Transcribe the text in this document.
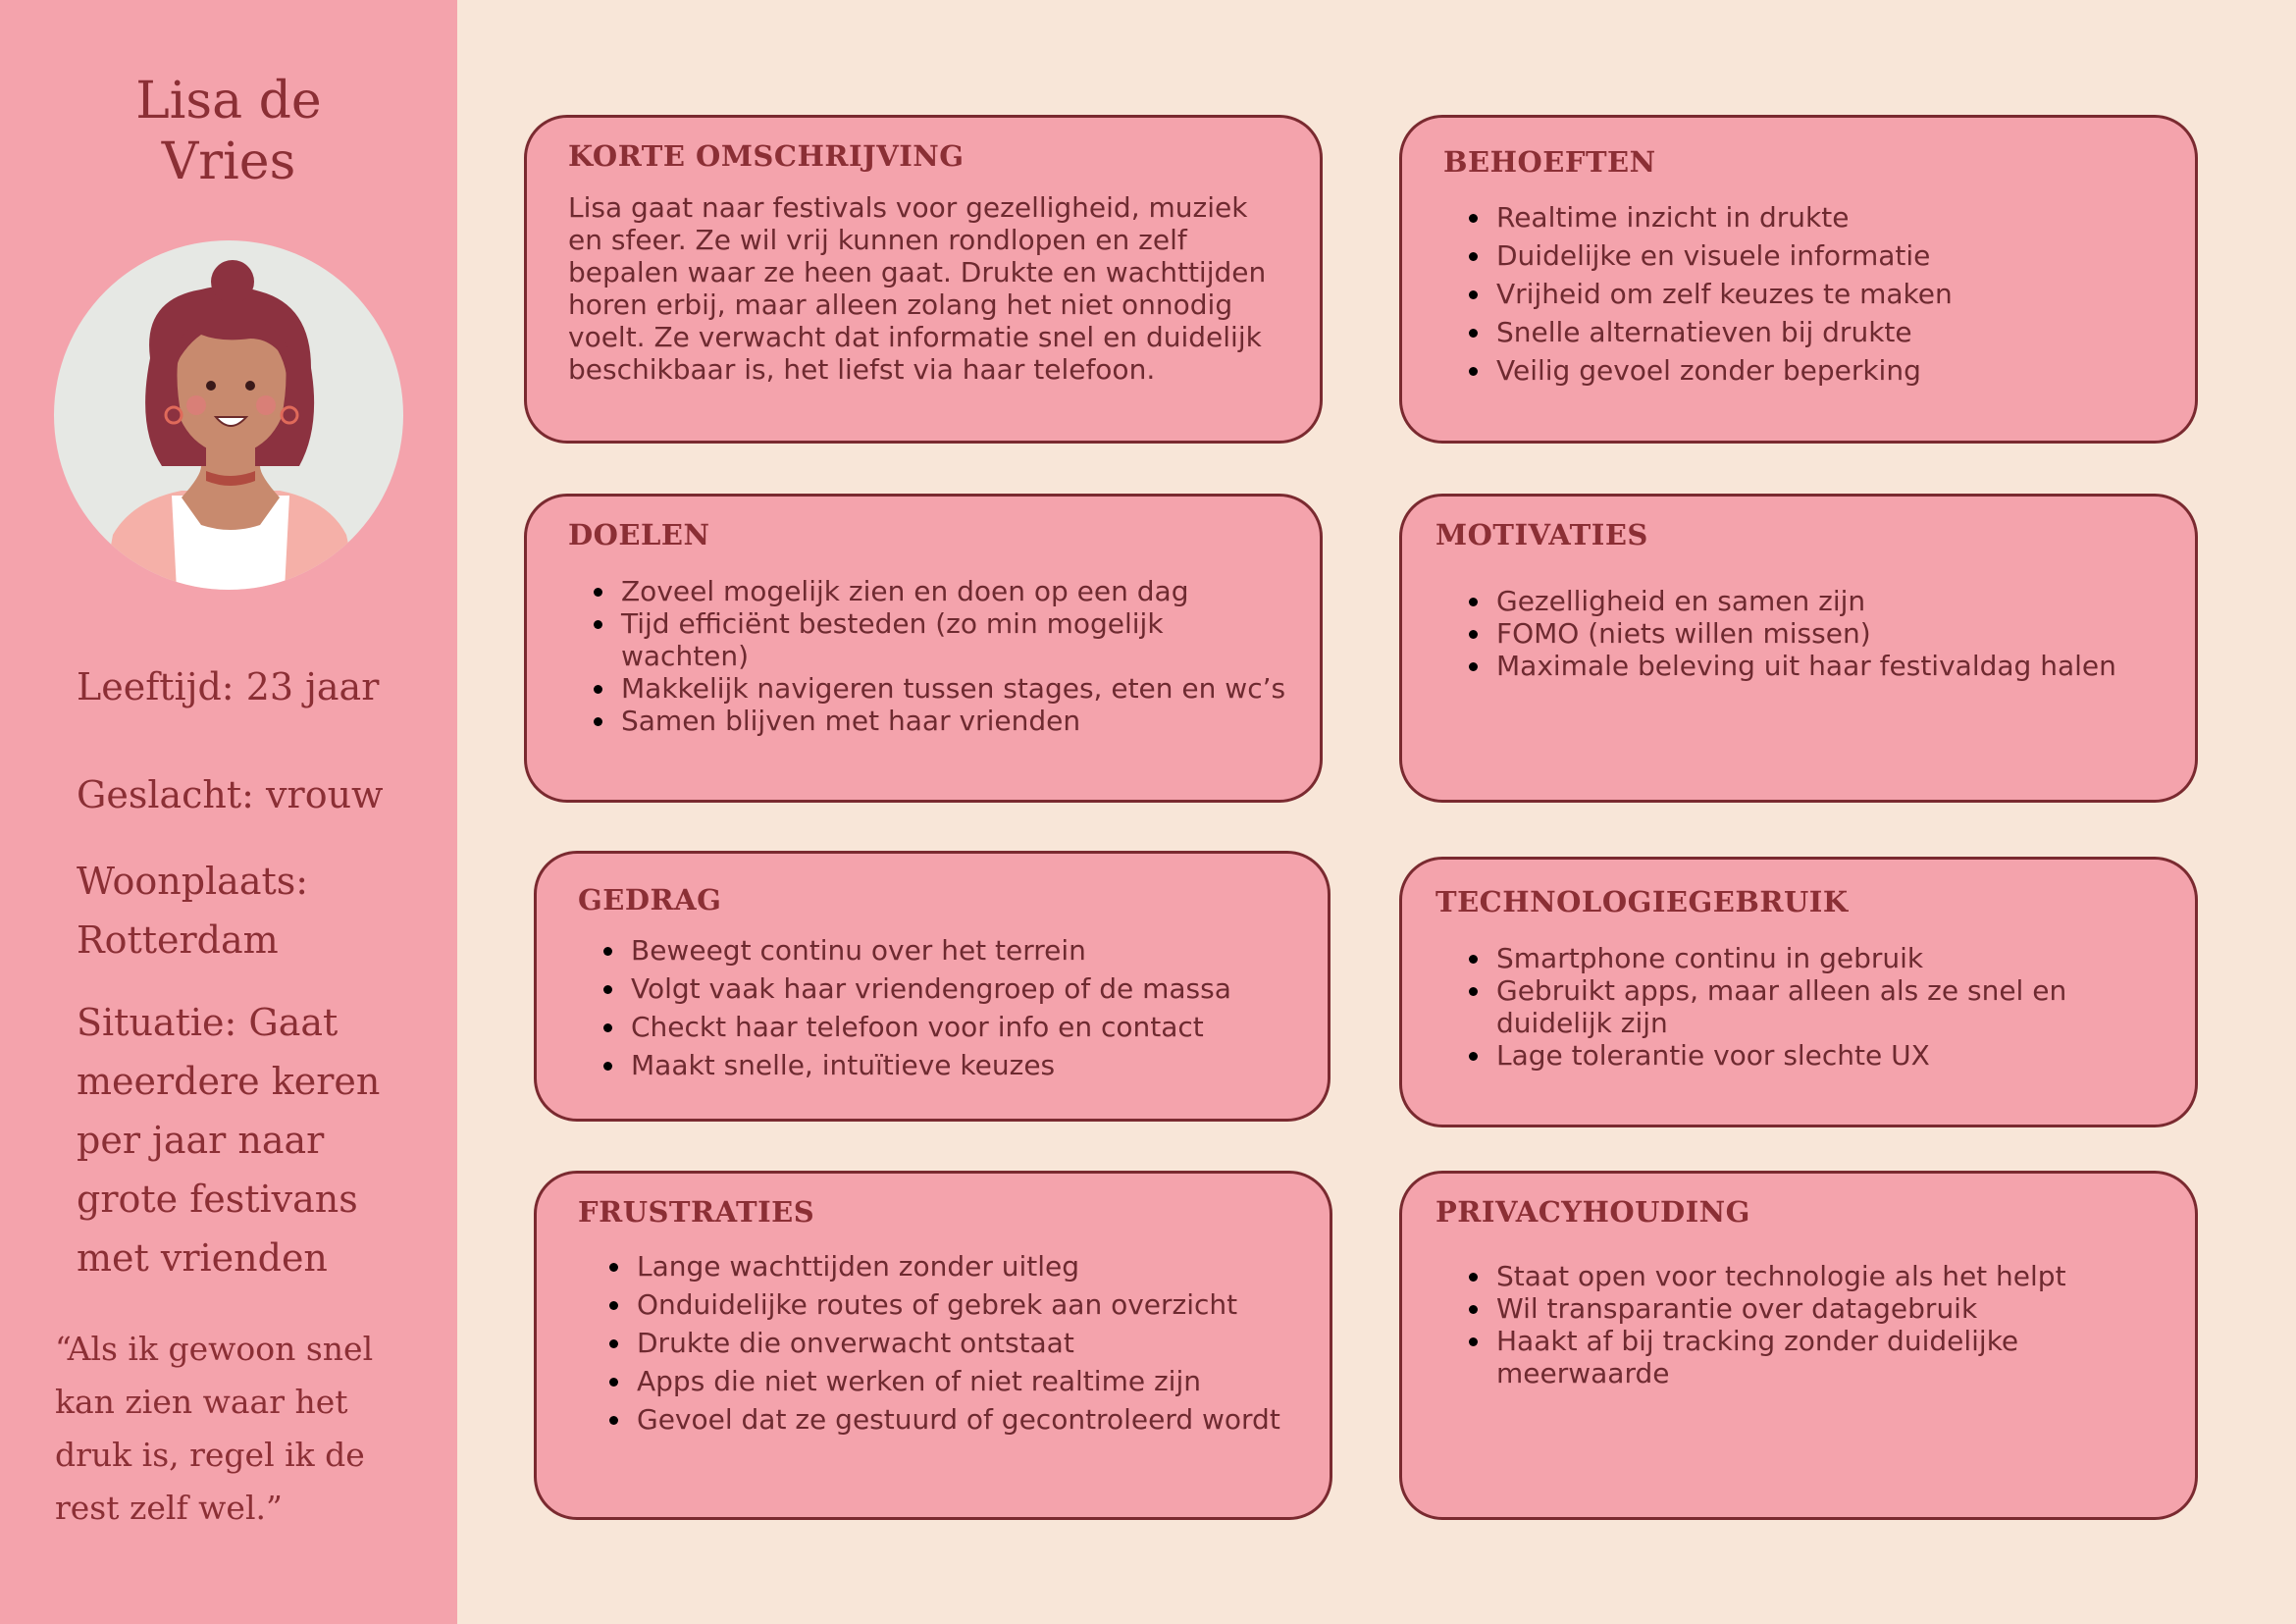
Lisa de Vries

Leeftijd: 23 jaar

Geslacht: vrouw

Woonplaats: Rotterdam

Situatie: Gaat meerdere keren per jaar naar grote festivans met vrienden

“Als ik gewoon snel kan zien waar het druk is, regel ik de rest zelf wel.”

KORTE OMSCHRIJVING

Lisa gaat naar festivals voor gezelligheid, muziek en sfeer. Ze wil vrij kunnen rondlopen en zelf bepalen waar ze heen gaat. Drukte en wachttijden horen erbij, maar alleen zolang het niet onnodig voelt. Ze verwacht dat informatie snel en duidelijk beschikbaar is, het liefst via haar telefoon.

BEHOEFTEN
• Realtime inzicht in drukte
• Duidelijke en visuele informatie
• Vrijheid om zelf keuzes te maken
• Snelle alternatieven bij drukte
• Veilig gevoel zonder beperking
DOELEN
• Zoveel mogelijk zien en doen op een dag
• Tijd efficiënt besteden (zo min mogelijk wachten)
• Makkelijk navigeren tussen stages, eten en wc’s
• Samen blijven met haar vrienden
MOTIVATIES
• Gezelligheid en samen zijn
• FOMO (niets willen missen)
• Maximale beleving uit haar festivaldag halen
GEDRAG
• Beweegt continu over het terrein
• Volgt vaak haar vriendengroep of de massa
• Checkt haar telefoon voor info en contact
• Maakt snelle, intuïtieve keuzes
TECHNOLOGIEGEBRUIK
• Smartphone continu in gebruik
• Gebruikt apps, maar alleen als ze snel en duidelijk zijn
• Lage tolerantie voor slechte UX
FRUSTRATIES
• Lange wachttijden zonder uitleg
• Onduidelijke routes of gebrek aan overzicht
• Drukte die onverwacht ontstaat
• Apps die niet werken of niet realtime zijn
• Gevoel dat ze gestuurd of gecontroleerd wordt
PRIVACYHOUDING
• Staat open voor technologie als het helpt
• Wil transparantie over datagebruik
• Haakt af bij tracking zonder duidelijke meerwaarde
